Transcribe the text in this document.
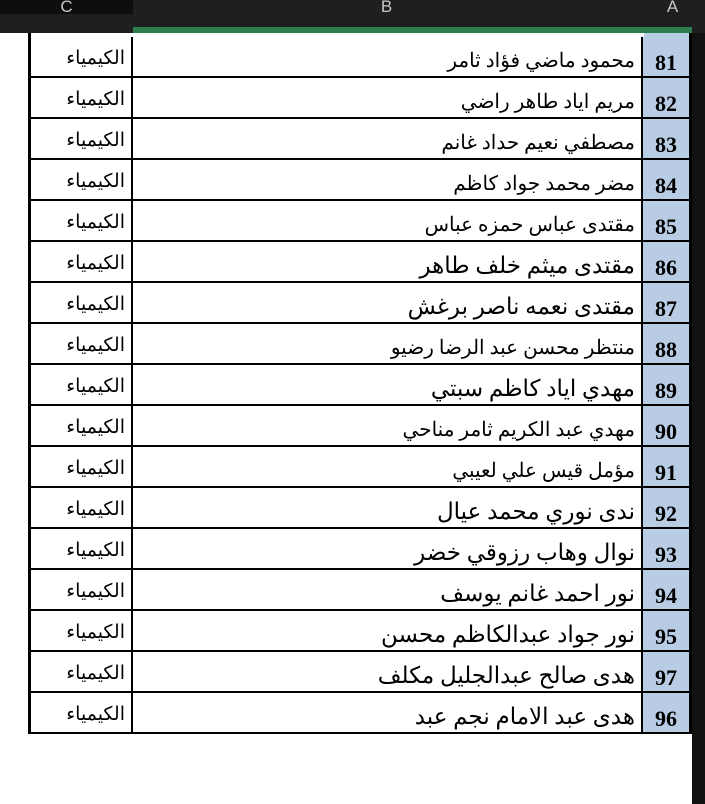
C	B	A
الكيمياء	محمود ماضي فؤاد ثامر 81
الكيمياء	مريم اياد طاهر راضي 82
الكيمياء	مصطفي نعيم حداد غانم 83
الكيمياء	مضر محمد جواد كاظم 84
الكيمياء	مقتدى عباس حمزه عباس 85
الكيمياء	مقتدى ميثم خلف طاهر 86
الكيمياء	مقتدى نعمه ناصر برغش 87
الكيمياء	منتظر محسن عبد الرضا رضيو 88
الكيمياء	مهدي اياد كاظم سبتي 89
الكيمياء	مهدي عبد الكريم ثامر مناحي 90
الكيمياء	مؤمل قيس علي لعيبي 91
الكيمياء	ندى نوري محمد عيال 92
الكيمياء	نوال وهاب رزوقي خضر 93
الكيمياء	نور احمد غانم يوسف 94
الكيمياء	نور جواد عبدالكاظم محسن 95
الكيمياء	هدى صالح عبدالجليل مكلف 97
الكيمياء	هدى عبد الامام نجم عبد 96
